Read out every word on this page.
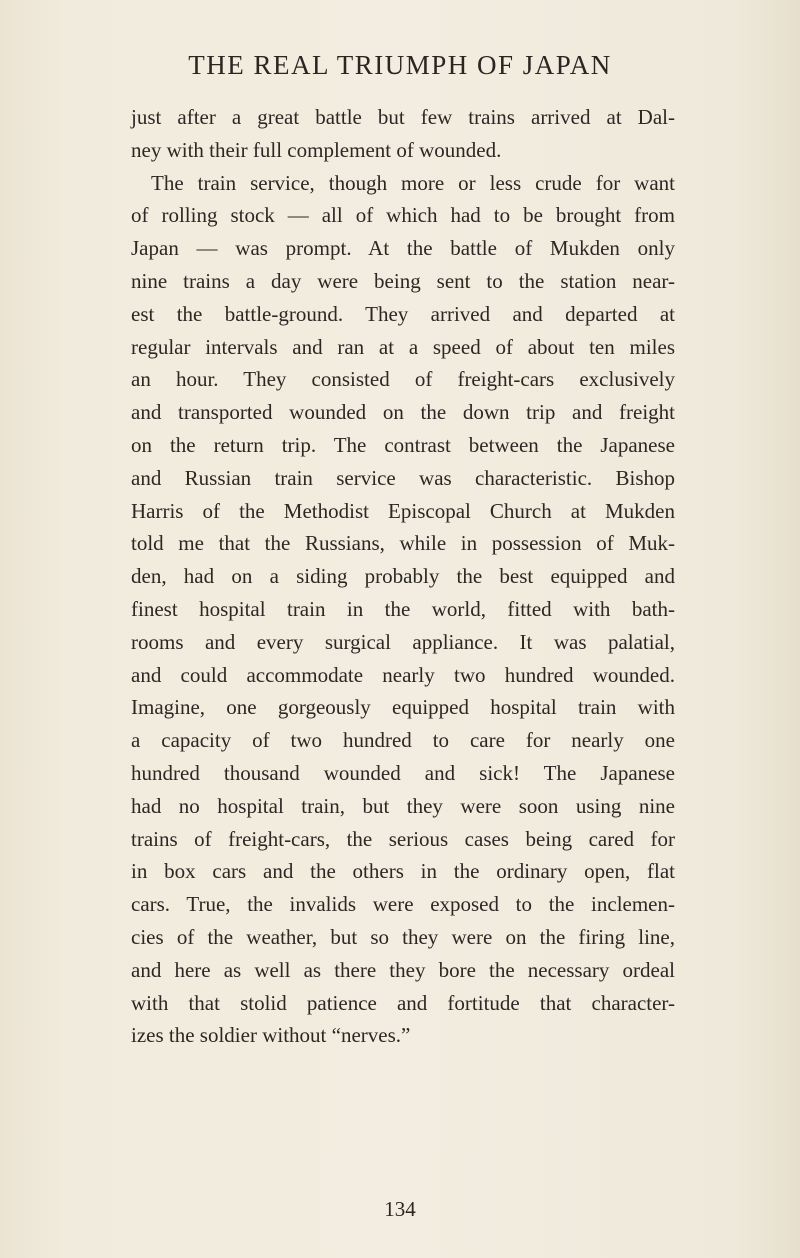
THE REAL TRIUMPH OF JAPAN
just after a great battle but few trains arrived at Dal-
ney with their full complement of wounded.
The train service, though more or less crude for want
of rolling stock — all of which had to be brought from
Japan — was prompt. At the battle of Mukden only
nine trains a day were being sent to the station near-
est the battle-ground. They arrived and departed at
regular intervals and ran at a speed of about ten miles
an hour. They consisted of freight-cars exclusively
and transported wounded on the down trip and freight
on the return trip. The contrast between the Japanese
and Russian train service was characteristic. Bishop
Harris of the Methodist Episcopal Church at Mukden
told me that the Russians, while in possession of Muk-
den, had on a siding probably the best equipped and
finest hospital train in the world, fitted with bath-
rooms and every surgical appliance. It was palatial,
and could accommodate nearly two hundred wounded.
Imagine, one gorgeously equipped hospital train with
a capacity of two hundred to care for nearly one
hundred thousand wounded and sick! The Japanese
had no hospital train, but they were soon using nine
trains of freight-cars, the serious cases being cared for
in box cars and the others in the ordinary open, flat
cars. True, the invalids were exposed to the inclemen-
cies of the weather, but so they were on the firing line,
and here as well as there they bore the necessary ordeal
with that stolid patience and fortitude that character-
izes the soldier without “nerves.”
134
